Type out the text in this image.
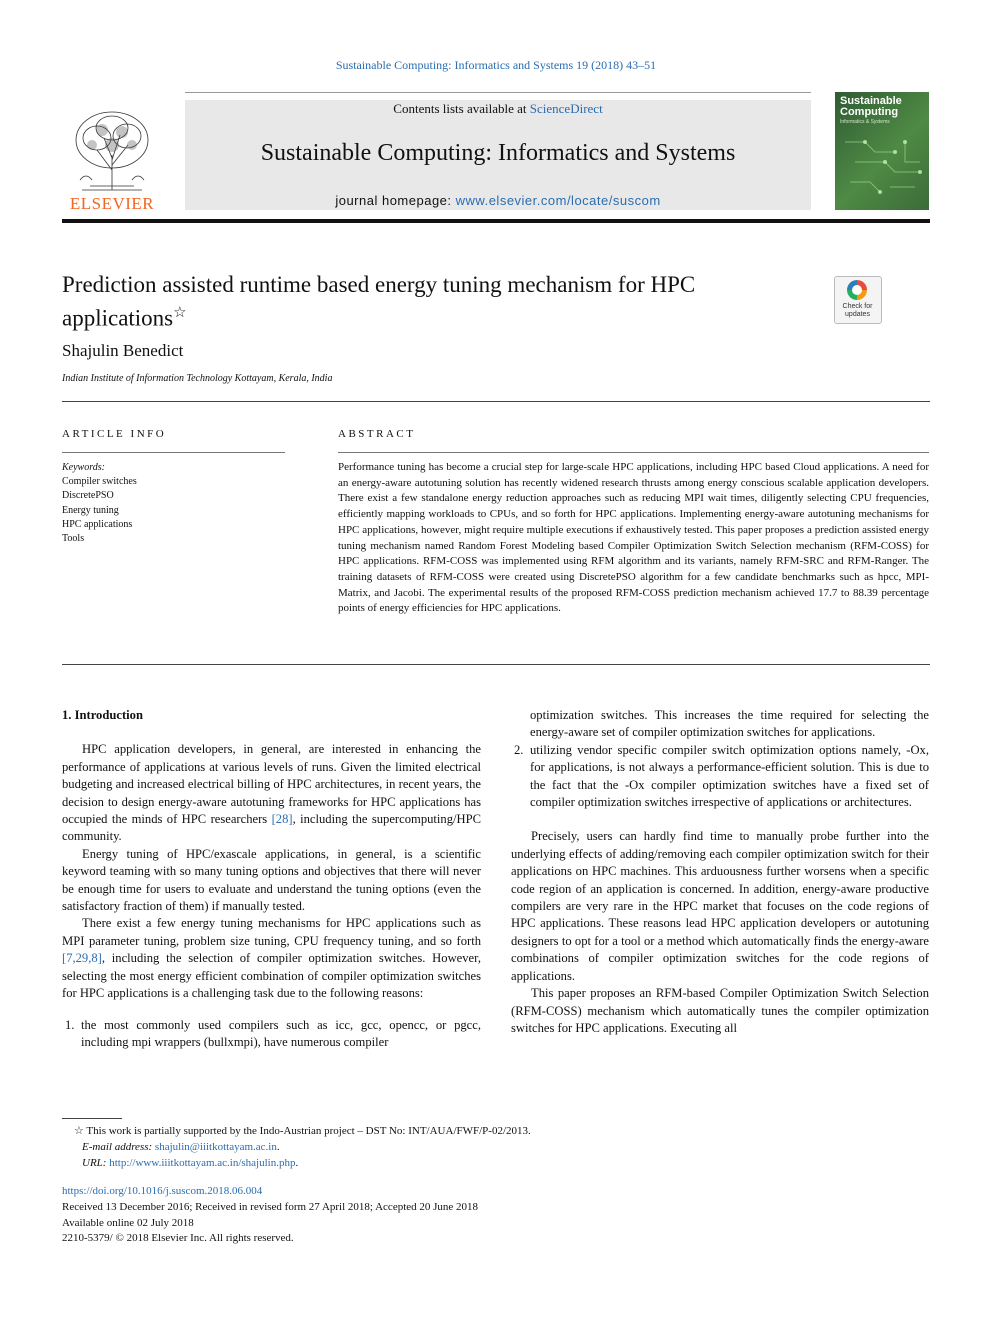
Sustainable Computing: Informatics and Systems 19 (2018) 43–51
ELSEVIER
Contents lists available at ScienceDirect
Sustainable Computing: Informatics and Systems
journal homepage: www.elsevier.com/locate/suscom
Sustainable
Computing
Informatics & Systems
Prediction assisted runtime based energy tuning mechanism for HPC
applications☆	Check for
updates
Shajulin Benedict
Indian Institute of Information Technology Kottayam, Kerala, India
ARTICLE INFO	ABSTRACT
Keywords:
Compiler switches
DiscretePSO
Energy tuning
HPC applications
Tools
Performance tuning has become a crucial step for large-scale HPC applications, including HPC based Cloud applications. A need for an energy-aware autotuning solution has recently widened research thrusts among energy conscious scalable application developers. There exist a few standalone energy reduction approaches such as reducing MPI wait times, diligently selecting CPU frequencies, efficiently mapping workloads to CPUs, and so forth for HPC applications. Implementing energy-aware autotuning mechanisms for HPC applications, however, might require multiple executions if exhaustively tested. This paper proposes a prediction assisted energy tuning mechanism named Random Forest Modeling based Compiler Optimization Switch Selection mechanism (RFM-COSS) for HPC applications. RFM-COSS was implemented using RFM algorithm and its variants, namely RFM-SRC and RFM-Ranger. The training datasets of RFM-COSS were created using DiscretePSO algorithm for a few candidate benchmarks such as hpcc, MPI-Matrix, and Jacobi. The experimental results of the proposed RFM-COSS prediction mechanism achieved 17.7 to 88.39 percentage points of energy efficiencies for HPC applications.

1. Introduction

HPC application developers, in general, are interested in enhancing the performance of applications at various levels of runs. Given the limited electrical budgeting and increased electrical billing of HPC architectures, in recent years, the decision to design energy-aware autotuning frameworks for HPC applications has occupied the minds of HPC researchers [28], including the supercomputing/HPC community.

Energy tuning of HPC/exascale applications, in general, is a scientific keyword teaming with so many tuning options and objectives that there will never be enough time for users to evaluate and understand the tuning options (even the satisfactory fraction of them) if manually tested.

There exist a few energy tuning mechanisms for HPC applications such as MPI parameter tuning, problem size tuning, CPU frequency tuning, and so forth [7,29,8], including the selection of compiler optimization switches. However, selecting the most energy efficient combination of compiler optimization switches for HPC applications is a challenging task due to the following reasons:

1. the most commonly used compilers such as icc, gcc, opencc, or pgcc, including mpi wrappers (bullxmpi), have numerous compiler

optimization switches. This increases the time required for selecting the energy-aware set of compiler optimization switches for applications.

2. utilizing vendor specific compiler switch optimization options namely, -Ox, for applications, is not always a performance-efficient solution. This is due to the fact that the -Ox compiler optimization switches have a fixed set of compiler optimization switches irrespective of applications or architectures.

Precisely, users can hardly find time to manually probe further into the underlying effects of adding/removing each compiler optimization switch for their applications on HPC machines. This arduousness further worsens when a specific code region of an application is concerned. In addition, energy-aware productive compilers are very rare in the HPC market that focuses on the code regions of HPC applications. These reasons lead HPC application developers or autotuning designers to opt for a tool or a method which automatically finds the energy-aware combinations of compiler optimization switches for the code regions of applications.

This paper proposes an RFM-based Compiler Optimization Switch Selection (RFM-COSS) mechanism which automatically tunes the compiler optimization switches for HPC applications. Executing all

☆ This work is partially supported by the Indo-Austrian project – DST No: INT/AUA/FWF/P-02/2013.
E-mail address: shajulin@iiitkottayam.ac.in.
URL: http://www.iiitkottayam.ac.in/shajulin.php.
https://doi.org/10.1016/j.suscom.2018.06.004
Received 13 December 2016; Received in revised form 27 April 2018; Accepted 20 June 2018
Available online 02 July 2018
2210-5379/ © 2018 Elsevier Inc. All rights reserved.
